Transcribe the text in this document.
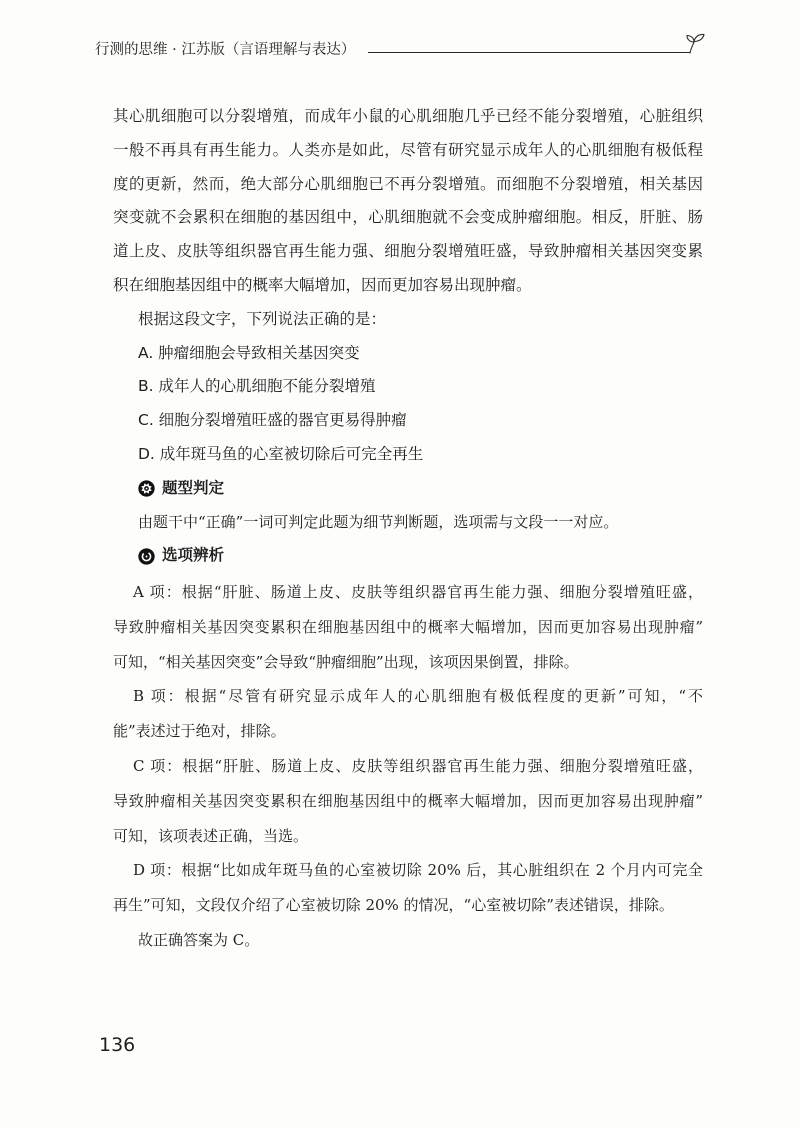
行测的思维 · 江苏版（言语理解与表达）
其心肌细胞可以分裂增殖，而成年小鼠的心肌细胞几乎已经不能分裂增殖，心脏组织
一般不再具有再生能力。人类亦是如此，尽管有研究显示成年人的心肌细胞有极低程
度的更新，然而，绝大部分心肌细胞已不再分裂增殖。而细胞不分裂增殖，相关基因
突变就不会累积在细胞的基因组中，心肌细胞就不会变成肿瘤细胞。相反，肝脏、肠
道上皮、皮肤等组织器官再生能力强、细胞分裂增殖旺盛，导致肿瘤相关基因突变累
积在细胞基因组中的概率大幅增加，因而更加容易出现肿瘤。
根据这段文字，下列说法正确的是：
A. 肿瘤细胞会导致相关基因突变
B. 成年人的心肌细胞不能分裂增殖
C. 细胞分裂增殖旺盛的器官更易得肿瘤
D. 成年斑马鱼的心室被切除后可完全再生
题型判定
由题干中“正确”一词可判定此题为细节判断题，选项需与文段一一对应。
选项辨析
A 项：根据“肝脏、肠道上皮、皮肤等组织器官再生能力强、细胞分裂增殖旺盛，
导致肿瘤相关基因突变累积在细胞基因组中的概率大幅增加，因而更加容易出现肿瘤”
可知，“相关基因突变”会导致“肿瘤细胞”出现，该项因果倒置，排除。
B 项：根据“尽管有研究显示成年人的心肌细胞有极低程度的更新”可知，“不
能”表述过于绝对，排除。
C 项：根据“肝脏、肠道上皮、皮肤等组织器官再生能力强、细胞分裂增殖旺盛，
导致肿瘤相关基因突变累积在细胞基因组中的概率大幅增加，因而更加容易出现肿瘤”
可知，该项表述正确，当选。
D 项：根据“比如成年斑马鱼的心室被切除 20% 后，其心脏组织在 2 个月内可完全
再生”可知，文段仅介绍了心室被切除 20% 的情况，“心室被切除”表述错误，排除。
故正确答案为 C。
136
